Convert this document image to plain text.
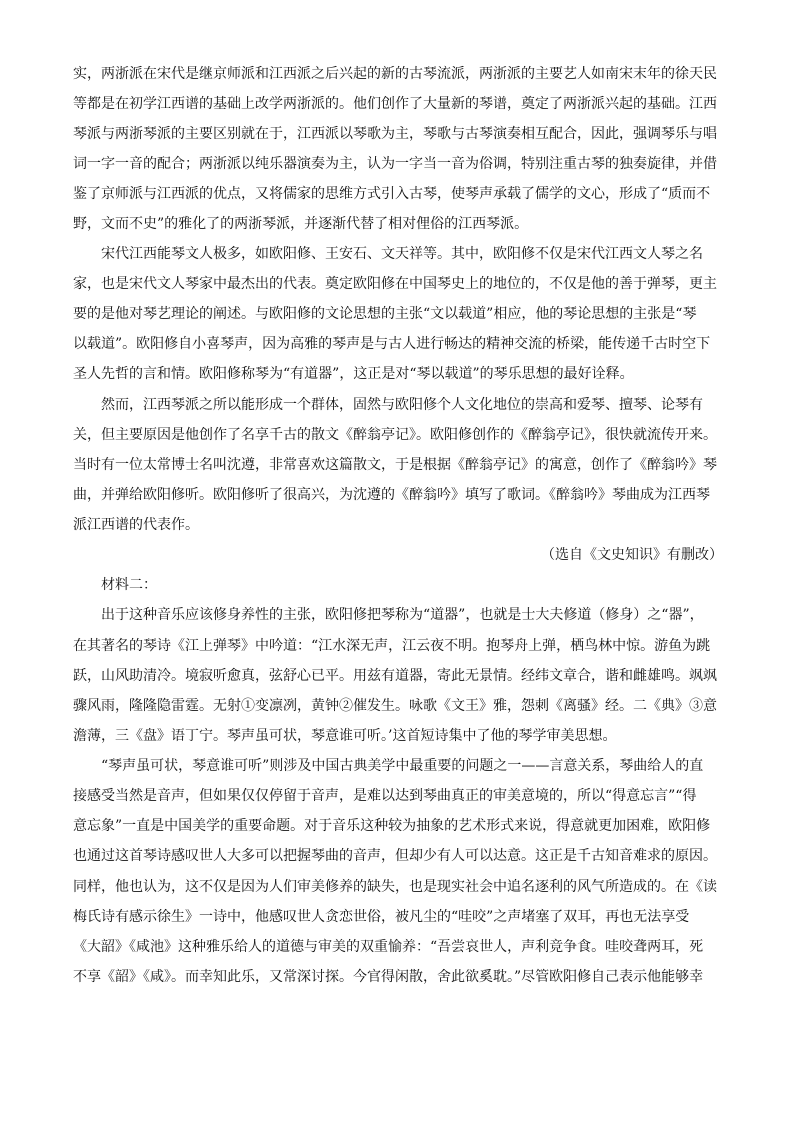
实，两浙派在宋代是继京师派和江西派之后兴起的新的古琴流派，两浙派的主要艺人如南宋末年的徐天民
等都是在初学江西谱的基础上改学两浙派的。他们创作了大量新的琴谱，奠定了两浙派兴起的基础。江西
琴派与两浙琴派的主要区别就在于，江西派以琴歌为主，琴歌与古琴演奏相互配合，因此，强调琴乐与唱
词一字一音的配合；两浙派以纯乐器演奏为主，认为一字当一音为俗调，特别注重古琴的独奏旋律，并借
鉴了京师派与江西派的优点，又将儒家的思维方式引入古琴，使琴声承载了儒学的文心，形成了“质而不
野，文而不史”的雅化了的两浙琴派，并逐渐代替了相对俚俗的江西琴派。
宋代江西能琴文人极多，如欧阳修、王安石、文天祥等。其中，欧阳修不仅是宋代江西文人琴之名
家，也是宋代文人琴家中最杰出的代表。奠定欧阳修在中国琴史上的地位的，不仅是他的善于弹琴，更主
要的是他对琴艺理论的阐述。与欧阳修的文论思想的主张“文以载道”相应，他的琴论思想的主张是“琴
以载道”。欧阳修自小喜琴声，因为高雅的琴声是与古人进行畅达的精神交流的桥梁，能传递千古时空下
圣人先哲的言和情。欧阳修称琴为“有道器”，这正是对“琴以载道”的琴乐思想的最好诠释。
然而，江西琴派之所以能形成一个群体，固然与欧阳修个人文化地位的崇高和爱琴、擅琴、论琴有
关，但主要原因是他创作了名享千古的散文《醉翁亭记》。欧阳修创作的《醉翁亭记》，很快就流传开来。
当时有一位太常博士名叫沈遵，非常喜欢这篇散文，于是根据《醉翁亭记》的寓意，创作了《醉翁吟》琴
曲，并弹给欧阳修听。欧阳修听了很高兴，为沈遵的《醉翁吟》填写了歌词。《醉翁吟》琴曲成为江西琴
派江西谱的代表作。
（选自《文史知识》有删改）
材料二：
出于这种音乐应该修身养性的主张，欧阳修把琴称为“道器”，也就是士大夫修道（修身）之“器”，
在其著名的琴诗《江上弹琴》中吟道：“江水深无声，江云夜不明。抱琴舟上弹，栖鸟林中惊。游鱼为跳
跃，山风助清冷。境寂听愈真，弦舒心已平。用兹有道器，寄此无景情。经纬文章合，谐和雌雄鸣。飒飒
骤风雨，隆隆隐雷霆。无射①变凛冽，黄钟②催发生。咏歌《文王》雅，怨刺《离骚》经。二《典》③意
澹薄，三《盘》语丁宁。琴声虽可状，琴意谁可听。’这首短诗集中了他的琴学审美思想。
“琴声虽可状，琴意谁可听”则涉及中国古典美学中最重要的问题之一——言意关系，琴曲给人的直
接感受当然是音声，但如果仅仅停留于音声，是难以达到琴曲真正的审美意境的，所以“得意忘言”“得
意忘象”一直是中国美学的重要命题。对于音乐这种较为抽象的艺术形式来说，得意就更加困难，欧阳修
也通过这首琴诗感叹世人大多可以把握琴曲的音声，但却少有人可以达意。这正是千古知音难求的原因。
同样，他也认为，这不仅是因为人们审美修养的缺失，也是现实社会中追名逐利的风气所造成的。在《读
梅氏诗有感示徐生》一诗中，他感叹世人贪恋世俗，被凡尘的“哇咬”之声堵塞了双耳，再也无法享受
《大韶》《咸池》这种雅乐给人的道德与审美的双重愉养：“吾尝哀世人，声利竞争食。哇咬聋两耳，死
不享《韶》《咸》。而幸知此乐，又常深讨探。今官得闲散，舍此欲奚耽。”尽管欧阳修自己表示他能够幸
